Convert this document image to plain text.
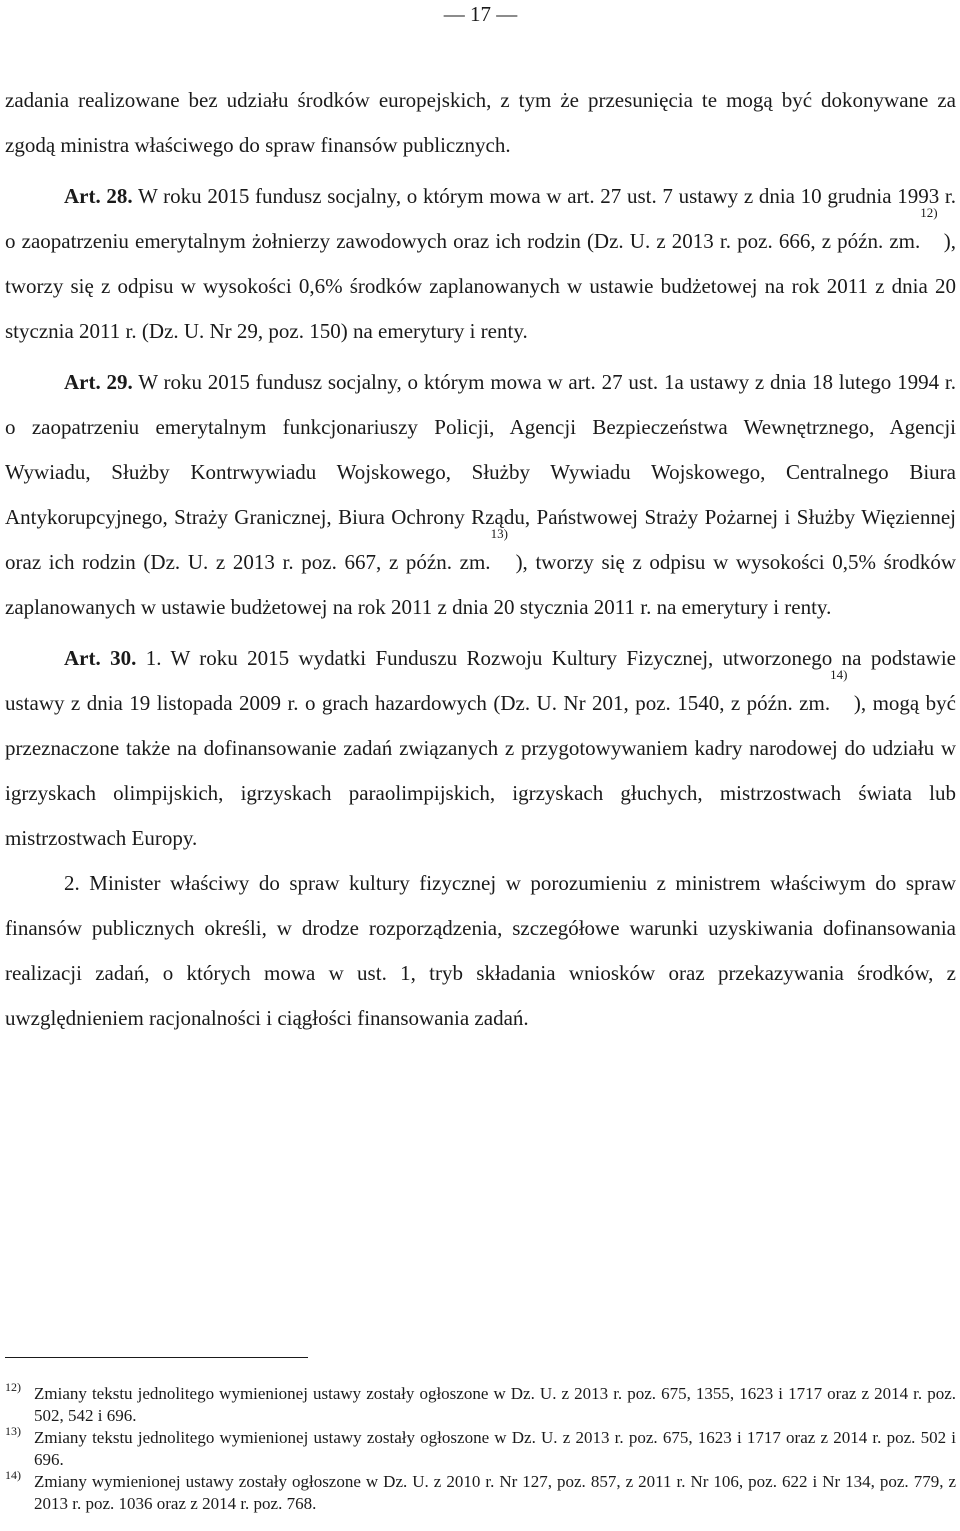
— 17 —

zadania realizowane bez udziału środków europejskich, z tym że przesunięcia te mogą być dokonywane za zgodą ministra właściwego do spraw finansów publicznych.

Art. 28. W roku 2015 fundusz socjalny, o którym mowa w art. 27 ust. 7 ustawy z dnia 10 grudnia 1993 r. o zaopatrzeniu emerytalnym żołnierzy zawodowych oraz ich rodzin (Dz. U. z 2013 r. poz. 666, z późn. zm.$^{12)}$ ), tworzy się z odpisu w wysokości 0,6% środków zaplanowanych w ustawie budżetowej na rok 2011 z dnia 20 stycznia 2011 r. (Dz. U. Nr 29, poz. 150) na emerytury i renty.

Art. 29. W roku 2015 fundusz socjalny, o którym mowa w art. 27 ust. 1a ustawy z dnia 18 lutego 1994 r. o zaopatrzeniu emerytalnym funkcjonariuszy Policji, Agencji Bezpieczeństwa Wewnętrznego, Agencji Wywiadu, Służby Kontrwywiadu Wojskowego, Służby Wywiadu Wojskowego, Centralnego Biura Antykorupcyjnego, Straży Granicznej, Biura Ochrony Rządu, Państwowej Straży Pożarnej i Służby Więziennej oraz ich rodzin (Dz. U. z 2013 r. poz. 667, z późn. zm.$^{13)}$ ), tworzy się z odpisu w wysokości 0,5% środków zaplanowanych w ustawie budżetowej na rok 2011 z dnia 20 stycznia 2011 r. na emerytury i renty.

Art. 30. 1. W roku 2015 wydatki Funduszu Rozwoju Kultury Fizycznej, utworzonego na podstawie ustawy z dnia 19 listopada 2009 r. o grach hazardowych (Dz. U. Nr 201, poz. 1540, z późn. zm.$^{14)}$ ), mogą być przeznaczone także na dofinansowanie zadań związanych z przygotowywaniem kadry narodowej do udziału w igrzyskach olimpijskich, igrzyskach paraolimpijskich, igrzyskach głuchych, mistrzostwach świata lub mistrzostwach Europy.

2. Minister właściwy do spraw kultury fizycznej w porozumieniu z ministrem właściwym do spraw finansów publicznych określi, w drodze rozporządzenia, szczegółowe warunki uzyskiwania dofinansowania realizacji zadań, o których mowa w ust. 1, tryb składania wniosków oraz przekazywania środków, z uwzględnieniem racjonalności i ciągłości finansowania zadań.

12) Zmiany tekstu jednolitego wymienionej ustawy zostały ogłoszone w Dz. U. z 2013 r. poz. 675, 1355, 1623 i 1717 oraz z 2014 r. poz. 502, 542 i 696.
13) Zmiany tekstu jednolitego wymienionej ustawy zostały ogłoszone w Dz. U. z 2013 r. poz. 675, 1623 i 1717 oraz z 2014 r. poz. 502 i 696.
14) Zmiany wymienionej ustawy zostały ogłoszone w Dz. U. z 2010 r. Nr 127, poz. 857, z 2011 r. Nr 106, poz. 622 i Nr 134, poz. 779, z 2013 r. poz. 1036 oraz z 2014 r. poz. 768.
